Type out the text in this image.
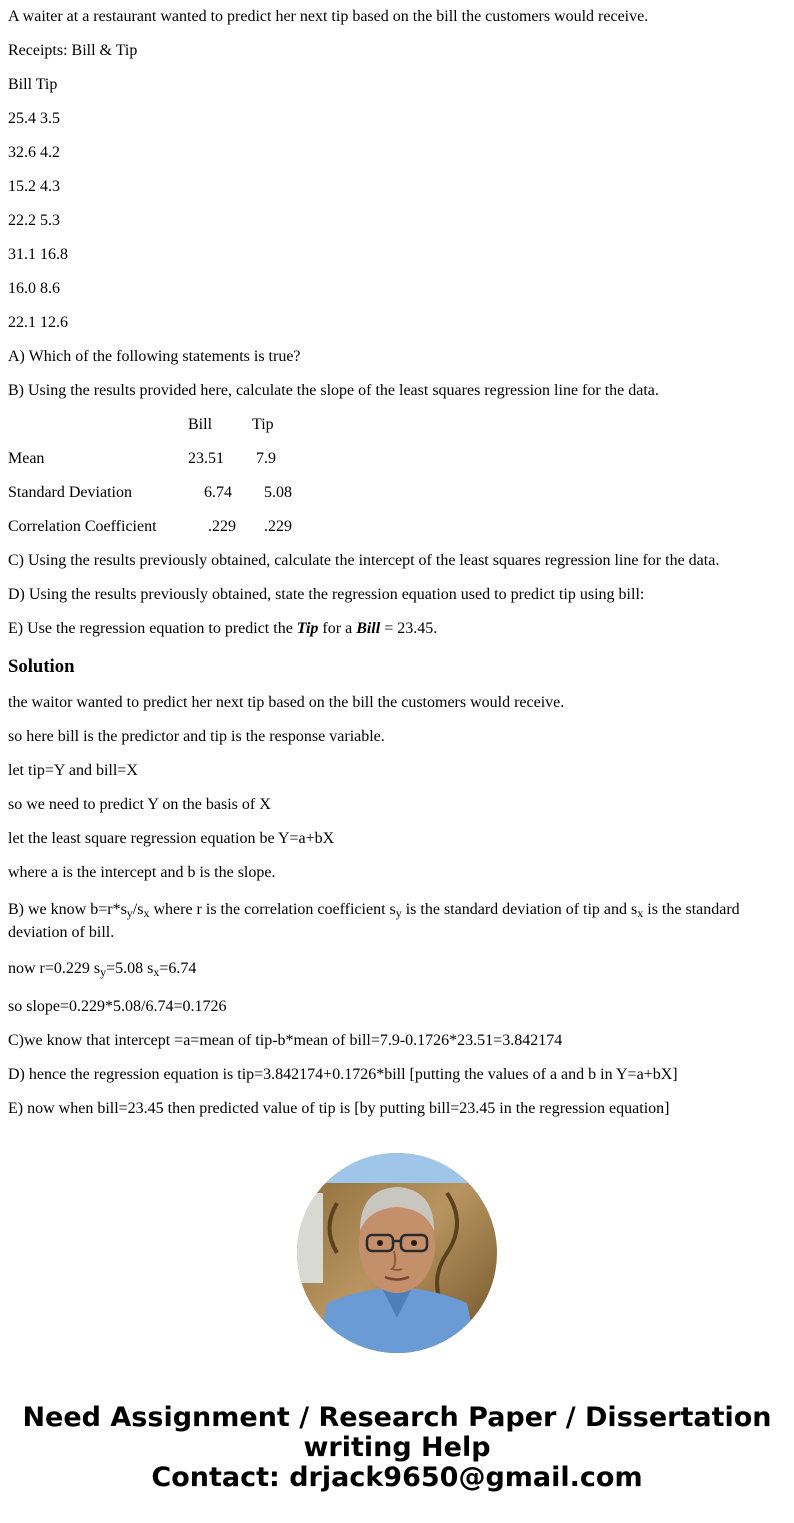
A waiter at a restaurant wanted to predict her next tip based on the bill the customers would receive.

Receipts: Bill & Tip

Bill Tip

25.4 3.5

32.6 4.2

15.2 4.3

22.2 5.3

31.1 16.8

16.0 8.6

22.1 12.6

A) Which of the following statements is true?

B) Using the results provided here, calculate the slope of the least squares regression line for the data.

Bill Tip
Mean	23.51 7.9
Standard Deviation	6.74 5.08
Correlation Coefficient	.229 .229

C) Using the results previously obtained, calculate the intercept of the least squares regression line for the data.

D) Using the results previously obtained, state the regression equation used to predict tip using bill:

E) Use the regression equation to predict the Tip for a Bill = 23.45.

Solution

the waitor wanted to predict her next tip based on the bill the customers would receive.

so here bill is the predictor and tip is the response variable.

let tip=Y and bill=X

so we need to predict Y on the basis of X

let the least square regression equation be Y=a+bX

where a is the intercept and b is the slope.

B) we know $b=r*s_y/s_x$ where r is the correlation coefficient $s_y$ is the standard deviation of tip and $s_x$ is the standard deviation of bill.

now r=0.229 $s_y=5.08$ $s_x=6.74$

so slope=0.229*5.08/6.74=0.1726

C)we know that intercept =a=mean of tip-b*mean of bill=7.9-0.1726*23.51=3.842174

D) hence the regression equation is tip=3.842174+0.1726*bill [putting the values of a and b in Y=a+bX]

E) now when bill=23.45 then predicted value of tip is [by putting bill=23.45 in the regression equation]

Need Assignment / Research Paper / Dissertation
writing Help
Contact: drjack9650@gmail.com
